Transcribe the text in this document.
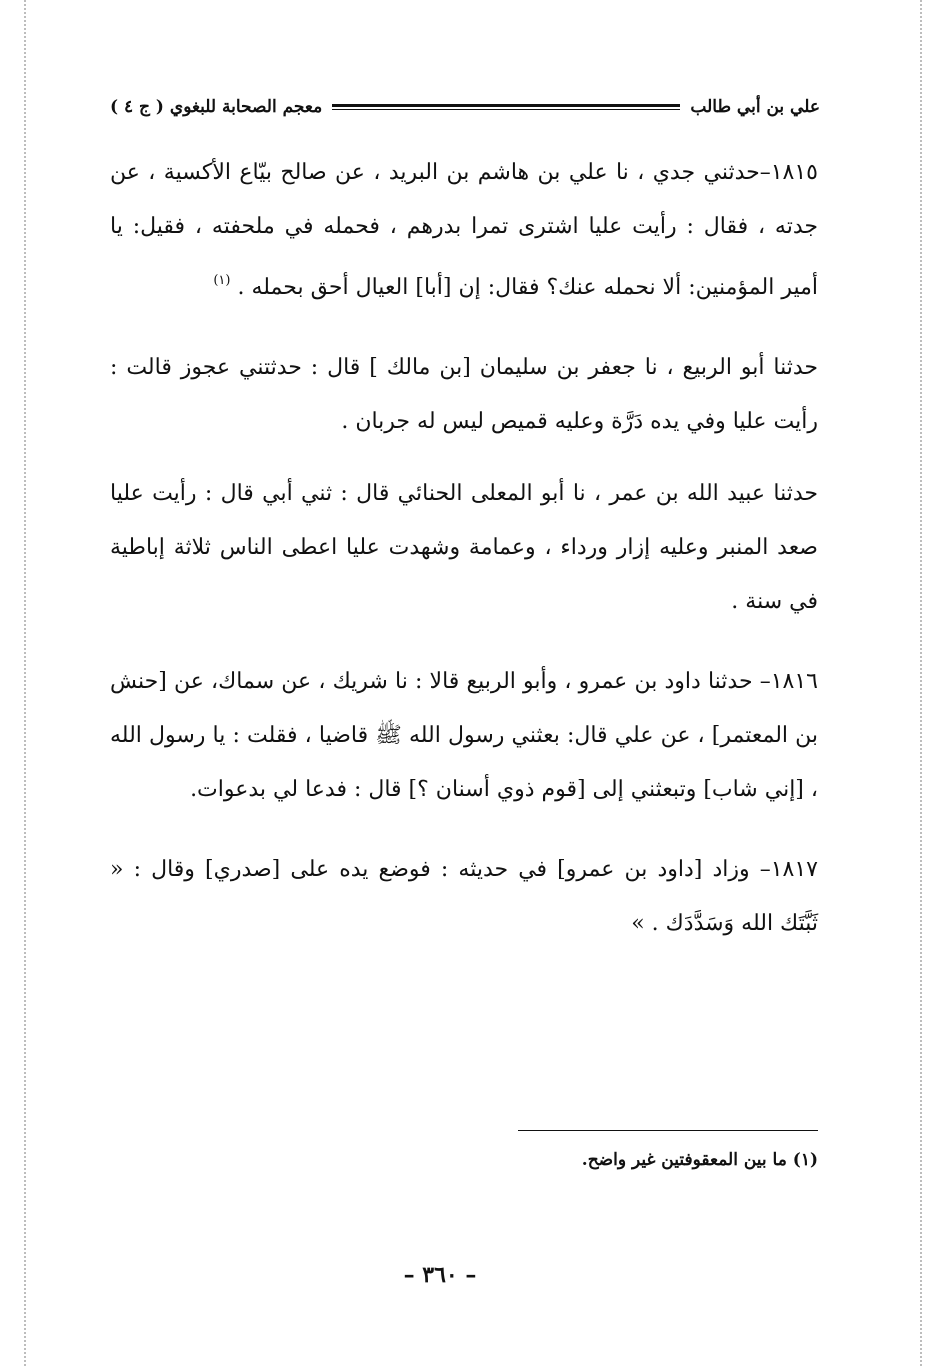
علي بن أبي طالب
معجم الصحابة للبغوي ( ج ٤ )

١٨١٥–حدثني جدي ، نا علي بن هاشم بن البريد ، عن صالح بيّاع الأكسية ، عن جدته ، فقال : رأيت عليا اشترى تمرا بدرهم ، فحمله في ملحفته ، فقيل: يا أمير المؤمنين: ألا نحمله عنك؟ فقال: إن [أبا] العيال أحق بحمله . $^{(١)}$

حدثنا أبو الربيع ، نا جعفر بن سليمان [بن مالك ] قال : حدثتني عجوز قالت : رأيت عليا وفي يده دَرَّة وعليه قميص ليس له جربان .

حدثنا عبيد الله بن عمر ، نا أبو المعلى الحنائي قال : ثني أبي قال : رأيت عليا صعد المنبر وعليه إزار ورداء ، وعمامة وشهدت عليا اعطى الناس ثلاثة إباطية في سنة .

١٨١٦– حدثنا داود بن عمرو ، وأبو الربيع قالا : نا شريك ، عن سماك، عن [حنش بن المعتمر] ، عن علي قال: بعثني رسول الله ﷺ قاضيا ، فقلت : يا رسول الله ، [إني شاب] وتبعثني إلى [قوم ذوي أسنان ؟] قال : فدعا لي بدعوات.

١٨١٧– وزاد [داود بن عمرو] في حديثه : فوضع يده على [صدري] وقال : « ثَبَّتَك الله وَسَدَّدَك . »

(١) ما بين المعقوفتين غير واضح.
– ٣٦٠ –
